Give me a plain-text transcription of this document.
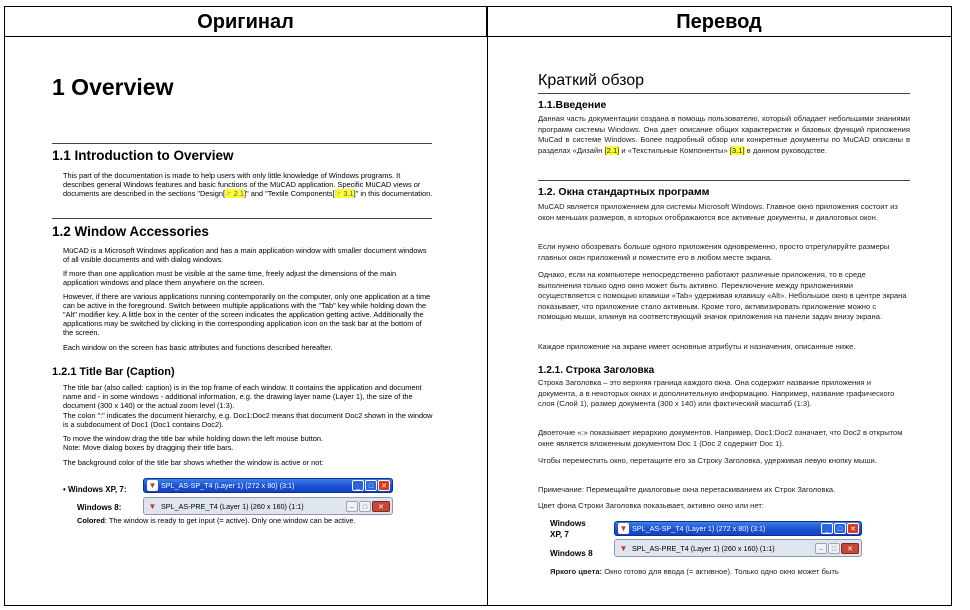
Оригинал	Перевод
1 Overview
1.1 Introduction to Overview
This part of the documentation is made to help users with only little knowledge of Windows programs. It describes general Windows features and basic functions of the MüCAD application. Specific MüCAD views or documents are described in the sections "Design[☞ 2.1]" and "Textile Components[☞ 3.1]" in this documentation.
1.2 Window Accessories
MüCAD is a Microsoft Windows application and has a main application window with smaller document windows of all visible documents and with dialog windows.
If more than one application must be visible at the same time, freely adjust the dimensions of the main application windows and place them anywhere on the screen.
However, if there are various applications running contemporarily on the computer, only one application at a time can be active in the foreground. Switch between multiple applications with the "Tab" key while holding down the "Alt" modifier key. A little box in the center of the screen indicates the application getting active. Additionally the applications may be switched by clicking in the corresponding application icon on the task bar at the bottom of the screen.
Each window on the screen has basic attributes and functions described hereafter.
1.2.1 Title Bar (Caption)
The title bar (also called: caption) is in the top frame of each window. It contains the application and document name and - in some windows - additional information, e.g. the drawing layer name (Layer 1), the size of the document (300 x 140) or the actual zoom level (1:3).
The colon ":" indicates the document hierarchy, e.g. Doc1:Doc2 means that document Doc2 shown in the window is a subdocument of Doc1 (Doc1 contains Doc2).
To move the window drag the title bar while holding down the left mouse button.
Note: Move dialog boxes by dragging their title bars.
The background color of the title bar shows whether the window is active or not:
• Windows XP, 7:	▼ SPL_AS-SP_T4 (Layer 1) (272 x 80) (3:1)	_	□	✕
Windows 8:	▼ SPL_AS-PRE_T4 (Layer 1) (260 x 160) (1:1)	–	□	✕
Colored: The window is ready to get input (= active). Only one window can be active.
Краткий обзор
1.1.Введение
Данная часть документации создана в помощь пользователю, который обладает небольшими знаниями программ системы Windows. Она дает описание общих характеристик и базовых функций приложения MuCad в системе Windows. Более подробный обзор или конкретные документы по MuCAD описаны в разделах «Дизайн [2.1] и «Текстильные Компоненты» [3.1] в данном руководстве.
1.2. Окна стандартных программ
MuCAD является приложением для системы Microsoft Windows. Главное окно приложения состоит из окон меньших размеров, в которых отображаются все активные документы, и диалоговых окон.
Если нужно обозревать больше одного приложения одновременно, просто отрегулируйте размеры главных окон приложений и поместите его в любом месте экрана.
Однако, если на компьютере непосредственно работают различные приложения, то в среде выполнения только одно окно может быть активно. Переключение между приложениями осуществляется с помощью клавиши «Tab» удерживая клавишу «Alt». Небольшое окно в центре экрана показывает, что приложение стало активным. Кроме того, активизировать приложение можно с помощью мыши, кликнув на соответствующий значок приложения на панели задач внизу экрана.
Каждое приложение на экране имеет основные атрибуты и назначения, описанные ниже.
1.2.1. Строка Заголовка
Строка Заголовка – это верхняя граница каждого окна. Она содержит название приложения и документа, а в некоторых окнах и дополнительную информацию. Например, название графического слоя (Слой 1), размер документа (300 х 140) или фактический масштаб (1:3).
Двоеточие «:» показывает иерархию документов. Например, Doc1:Doc2 означает, что Doc2 в открытом окне является вложенным документом Doc 1 (Doc 2 содержит Doc 1).
Чтобы переместить окно, перетащите его за Строку Заголовка, удерживая левую кнопку мыши.
Примечание: Перемещайте диалоговые окна перетаскиванием их Строк Заголовка.
Цвет фона Строки Заголовка показывает, активно окно или нет:
Windows
XP, 7
▼ SPL_AS-SP_T4 (Layer 1) (272 x 80) (3:1)	_	□	✕
▼ SPL_AS-PRE_T4 (Layer 1) (260 x 160) (1:1)	–	□	✕
Windows 8
Яркого цвета: Окно готово для ввода (= активное). Только одно окно может быть
